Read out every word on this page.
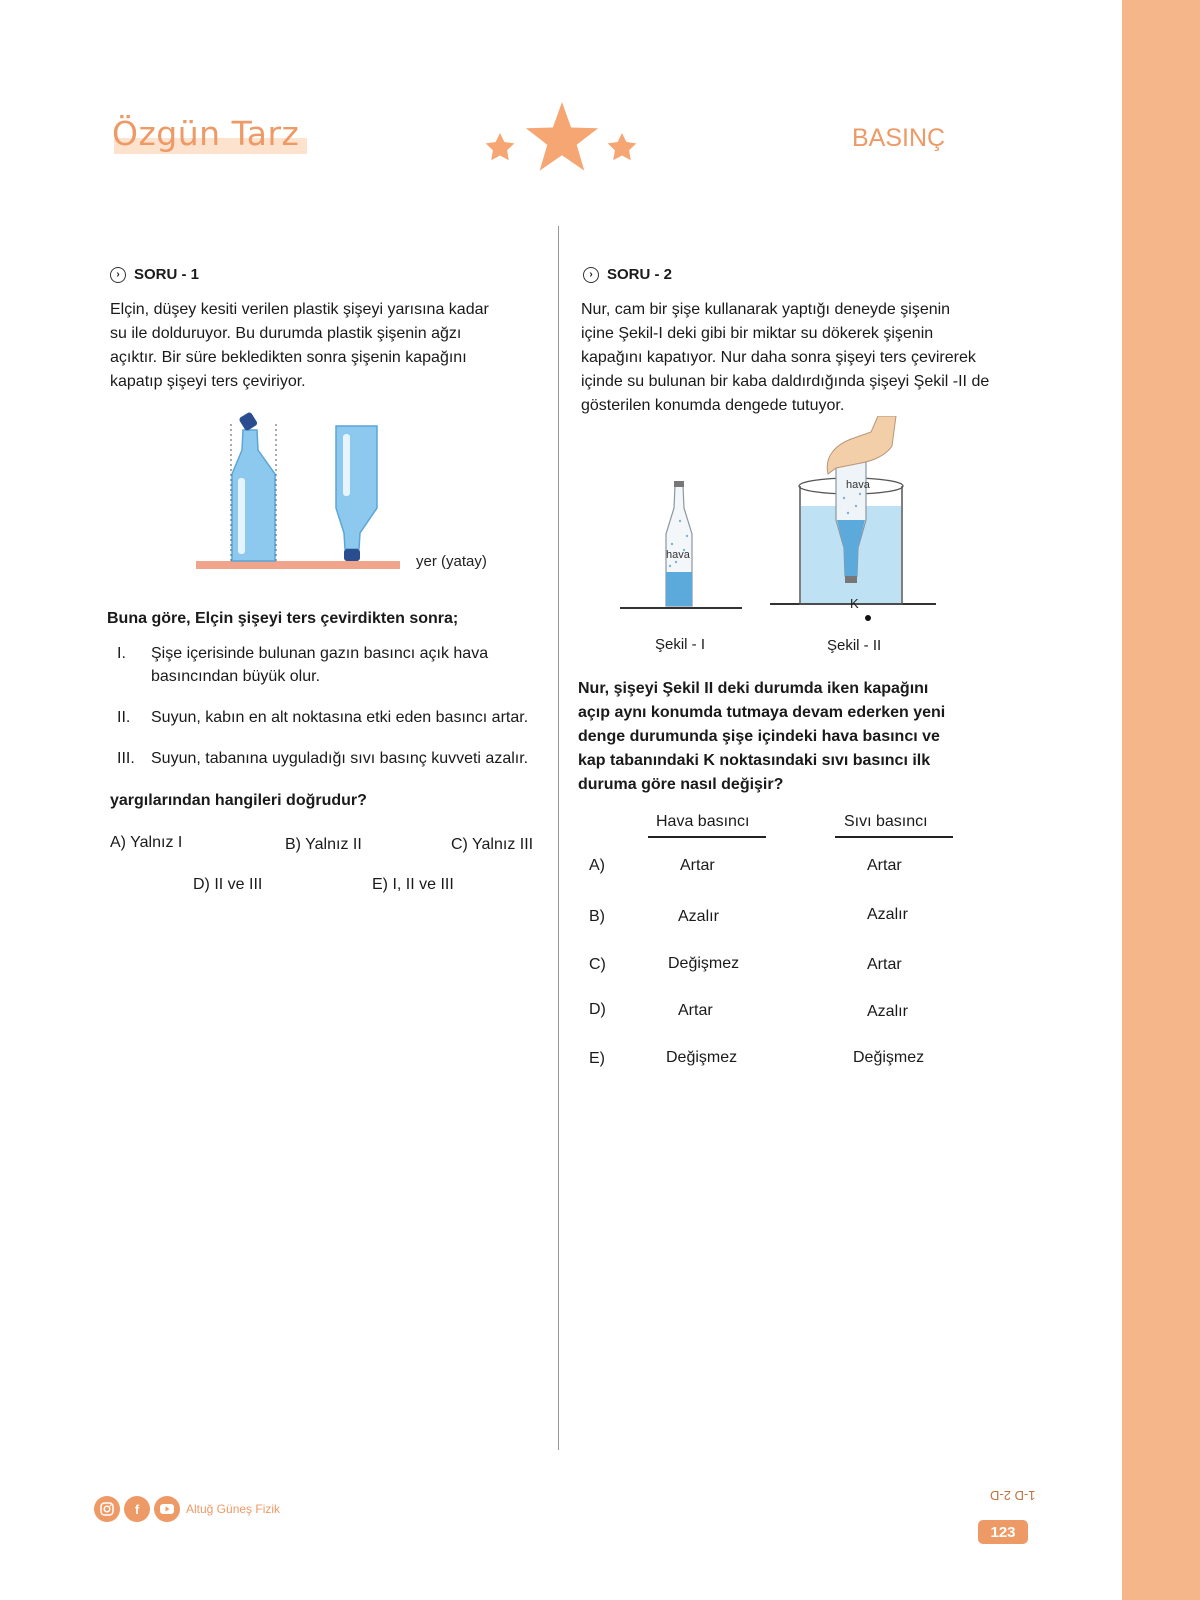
Özgün Tarz	BASINÇ
› SORU - 1
Elçin, düşey kesiti verilen plastik şişeyi yarısına kadar
su ile dolduruyor. Bu durumda plastik şişenin ağzı
açıktır. Bir süre bekledikten sonra şişenin kapağını
kapatıp şişeyi ters çeviriyor.
yer (yatay)
Buna göre, Elçin şişeyi ters çevirdikten sonra;
I. Şişe içerisinde bulunan gazın basıncı açık hava
basıncından büyük olur.
II. Suyun, kabın en alt noktasına etki eden basıncı artar.
III. Suyun, tabanına uyguladığı sıvı basınç kuvveti azalır.
yargılarından hangileri doğrudur?
A) Yalnız I	B) Yalnız II	C) Yalnız III
D) II ve III	E) I, II ve III
› SORU - 2
Nur, cam bir şişe kullanarak yaptığı deneyde şişenin
içine Şekil-I deki gibi bir miktar su dökerek şişenin
kapağını kapatıyor. Nur daha sonra şişeyi ters çevirerek
içinde su bulunan bir kaba daldırdığında şişeyi Şekil -II de
gösterilen konumda dengede tutuyor.
hava
hava
K
Şekil - I	Şekil - II
Nur, şişeyi Şekil II deki durumda iken kapağını
açıp aynı konumda tutmaya devam ederken yeni
denge durumunda şişe içindeki hava basıncı ve
kap tabanındaki K noktasındaki sıvı basıncı ilk
duruma göre nasıl değişir?
Hava basıncı	Sıvı basıncı
A)	Artar	Artar
B)	Azalır	Azalır
C)	Değişmez	Artar
D)	Artar	Azalır
E)	Değişmez	Değişmez
f	Altuğ Güneş Fizik
1-D 2-D
123
